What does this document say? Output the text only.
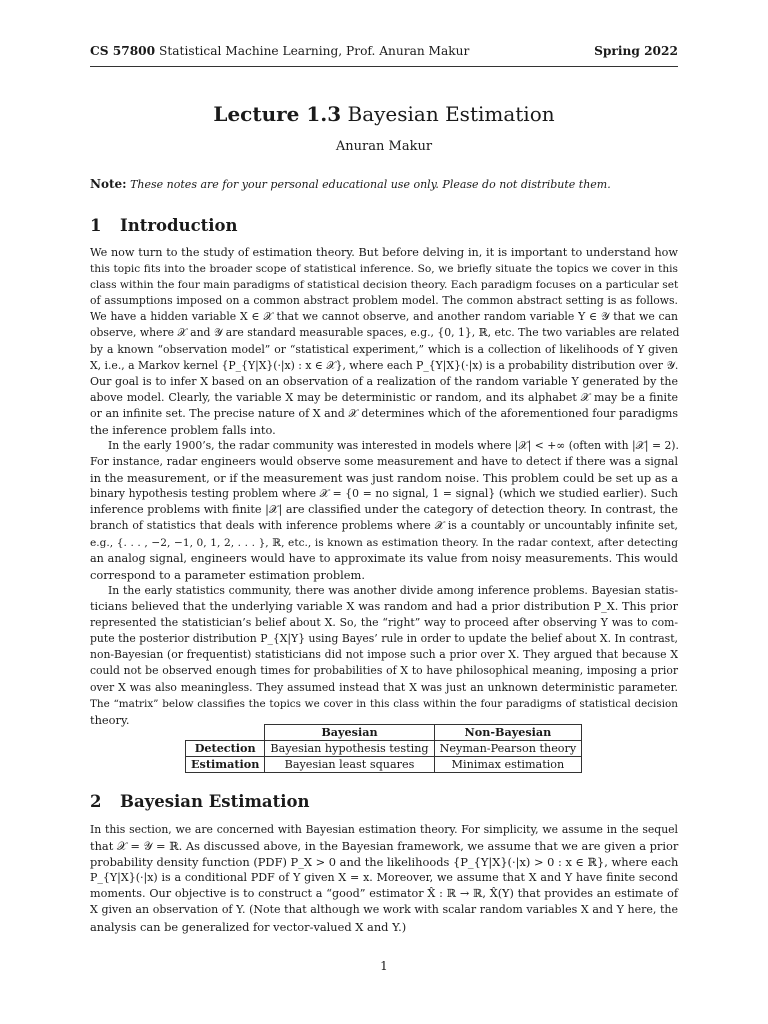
CS 57800 Statistical Machine Learning, Prof. Anuran Makur	Spring 2022
Lecture 1.3 Bayesian Estimation
Anuran Makur
Note: These notes are for your personal educational use only. Please do not distribute them.
1 Introduction
We now turn to the study of estimation theory. But before delving in, it is important to understand how
this topic fits into the broader scope of statistical inference. So, we briefly situate the topics we cover in this
class within the four main paradigms of statistical decision theory. Each paradigm focuses on a particular set
of assumptions imposed on a common abstract problem model. The common abstract setting is as follows.
We have a hidden variable X ∈ 𝒳 that we cannot observe, and another random variable Y ∈ 𝒴 that we can
observe, where 𝒳 and 𝒴 are standard measurable spaces, e.g., {0, 1}, ℝ, etc. The two variables are related
by a known “observation model” or “statistical experiment,” which is a collection of likelihoods of Y given
X, i.e., a Markov kernel {P_{Y|X}(·|x) : x ∈ 𝒳}, where each P_{Y|X}(·|x) is a probability distribution over 𝒴.
Our goal is to infer X based on an observation of a realization of the random variable Y generated by the
above model. Clearly, the variable X may be deterministic or random, and its alphabet 𝒳 may be a finite
or an infinite set. The precise nature of X and 𝒳 determines which of the aforementioned four paradigms
the inference problem falls into.
In the early 1900’s, the radar community was interested in models where |𝒳| < +∞ (often with |𝒳| = 2).
For instance, radar engineers would observe some measurement and have to detect if there was a signal
in the measurement, or if the measurement was just random noise. This problem could be set up as a
binary hypothesis testing problem where 𝒳 = {0 = no signal, 1 = signal} (which we studied earlier). Such
inference problems with finite |𝒳| are classified under the category of detection theory. In contrast, the
branch of statistics that deals with inference problems where 𝒳 is a countably or uncountably infinite set,
e.g., {. . . , −2, −1, 0, 1, 2, . . . }, ℝ, etc., is known as estimation theory. In the radar context, after detecting
an analog signal, engineers would have to approximate its value from noisy measurements. This would
correspond to a parameter estimation problem.
In the early statistics community, there was another divide among inference problems. Bayesian statis-
ticians believed that the underlying variable X was random and had a prior distribution P_X. This prior
represented the statistician’s belief about X. So, the “right” way to proceed after observing Y was to com-
pute the posterior distribution P_{X|Y} using Bayes’ rule in order to update the belief about X. In contrast,
non-Bayesian (or frequentist) statisticians did not impose such a prior over X. They argued that because X
could not be observed enough times for probabilities of X to have philosophical meaning, imposing a prior
over X was also meaningless. They assumed instead that X was just an unknown deterministic parameter.
The “matrix” below classifies the topics we cover in this class within the four paradigms of statistical decision
theory.
	Bayesian	Non-Bayesian
Detection	Bayesian hypothesis testing	Neyman-Pearson theory
Estimation	Bayesian least squares	Minimax estimation
2 Bayesian Estimation
In this section, we are concerned with Bayesian estimation theory. For simplicity, we assume in the sequel
that 𝒳 = 𝒴 = ℝ. As discussed above, in the Bayesian framework, we assume that we are given a prior
probability density function (PDF) P_X > 0 and the likelihoods {P_{Y|X}(·|x) > 0 : x ∈ ℝ}, where each
P_{Y|X}(·|x) is a conditional PDF of Y given X = x. Moreover, we assume that X and Y have finite second
moments. Our objective is to construct a “good” estimator X̂ : ℝ → ℝ, X̂(Y) that provides an estimate of
X given an observation of Y. (Note that although we work with scalar random variables X and Y here, the
analysis can be generalized for vector-valued X and Y.)
1
